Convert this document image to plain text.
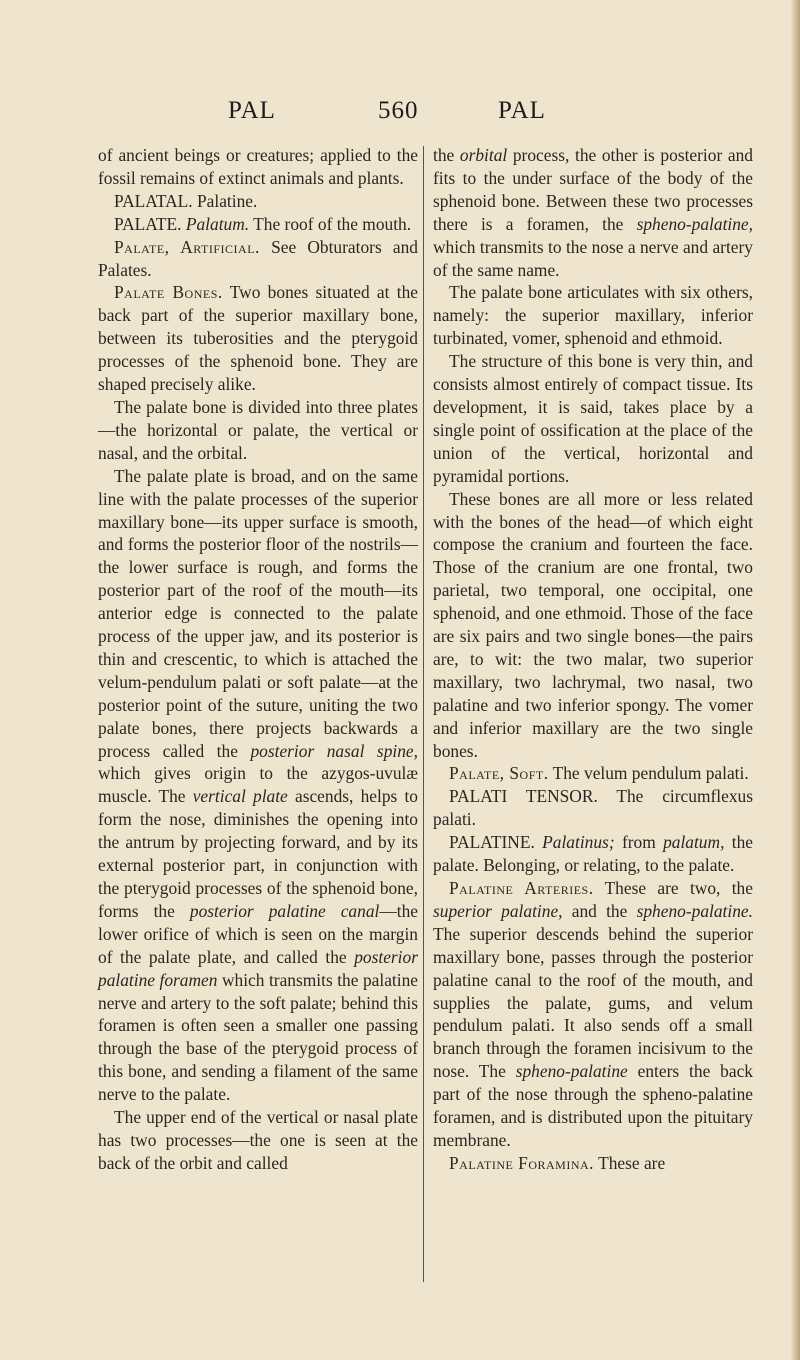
PAL	560	PAL

of ancient beings or creatures; applied to the fossil remains of extinct animals and plants.

PALATAL. Palatine.

PALATE. Palatum. The roof of the mouth.

Palate, Artificial. See Obturators and Palates.

Palate Bones. Two bones situated at the back part of the superior maxillary bone, between its tuberosities and the pterygoid processes of the sphenoid bone. They are shaped precisely alike.

The palate bone is divided into three plates—the horizontal or palate, the vertical or nasal, and the orbital.

The palate plate is broad, and on the same line with the palate processes of the superior maxillary bone—its upper surface is smooth, and forms the posterior floor of the nostrils—the lower surface is rough, and forms the posterior part of the roof of the mouth—its anterior edge is connected to the palate process of the upper jaw, and its posterior is thin and crescentic, to which is attached the velum-pendulum palati or soft palate—at the posterior point of the suture, uniting the two palate bones, there projects backwards a process called the posterior nasal spine, which gives origin to the azygos-uvulæ muscle. The vertical plate ascends, helps to form the nose, diminishes the opening into the antrum by projecting forward, and by its external posterior part, in conjunction with the pterygoid processes of the sphenoid bone, forms the posterior palatine canal—the lower orifice of which is seen on the margin of the palate plate, and called the posterior palatine foramen which transmits the palatine nerve and artery to the soft palate; behind this foramen is often seen a smaller one passing through the base of the pterygoid process of this bone, and sending a filament of the same nerve to the palate.

The upper end of the vertical or nasal plate has two processes—the one is seen at the back of the orbit and called

the orbital process, the other is posterior and fits to the under surface of the body of the sphenoid bone. Between these two processes there is a foramen, the spheno-palatine, which transmits to the nose a nerve and artery of the same name.

The palate bone articulates with six others, namely: the superior maxillary, inferior turbinated, vomer, sphenoid and ethmoid.

The structure of this bone is very thin, and consists almost entirely of compact tissue. Its development, it is said, takes place by a single point of ossification at the place of the union of the vertical, horizontal and pyramidal portions.

These bones are all more or less related with the bones of the head—of which eight compose the cranium and fourteen the face. Those of the cranium are one frontal, two parietal, two temporal, one occipital, one sphenoid, and one ethmoid. Those of the face are six pairs and two single bones—the pairs are, to wit: the two malar, two superior maxillary, two lachrymal, two nasal, two palatine and two inferior spongy. The vomer and inferior maxillary are the two single bones.

Palate, Soft. The velum pendulum palati.

PALATI TENSOR. The circumflexus palati.

PALATINE. Palatinus; from palatum, the palate. Belonging, or relating, to the palate.

Palatine Arteries. These are two, the superior palatine, and the spheno-palatine. The superior descends behind the superior maxillary bone, passes through the posterior palatine canal to the roof of the mouth, and supplies the palate, gums, and velum pendulum palati. It also sends off a small branch through the foramen incisivum to the nose. The spheno-palatine enters the back part of the nose through the spheno-palatine foramen, and is distributed upon the pituitary membrane.

Palatine Foramina. These are
